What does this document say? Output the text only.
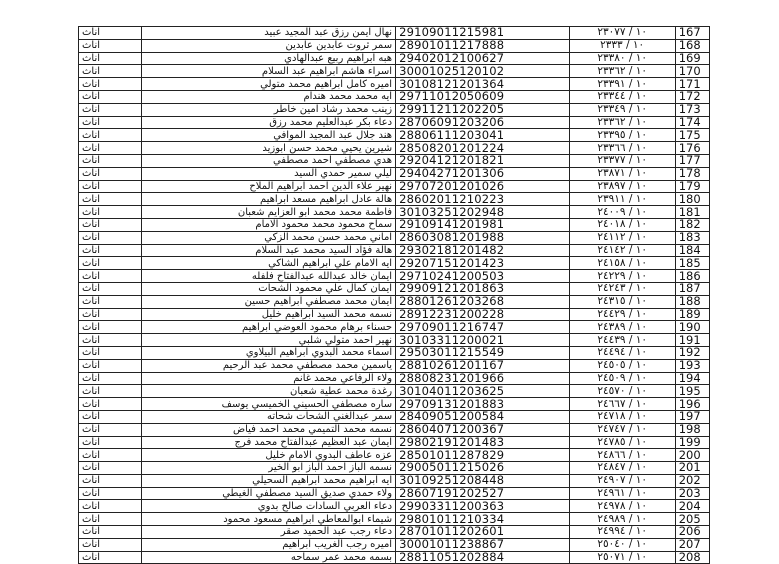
اناث	نهال ايمن رزق عبد المجيد عبيد	29109011215981	١٠ / ٢٣٠٧٧	167
اناث	سمر ثروت عابدين عابدين	28901011217888	١٠ / ٢٣٣٣	168
اناث	هبه ابراهيم ربيع عبدالهادي	29402012100627	١٠ / ٢٣٣٨٠	169
اناث	اسراء هاشم ابراهيم عبد السلام	30001025120102	١٠ / ٢٣٣٦٢	170
اناث	اميره كامل ابراهيم محمد متولي	30108121201364	١٠ / ٢٣٣٩١	171
اناث	ايه محمد محمد هندام	29711012050609	١٠ / ٢٣٣٤٤	172
اناث	زينب محمد رشاد امين خاطر	29911211202205	١٠ / ٢٣٣٤٩	173
اناث	دعاء بكر عبدالعليم محمد رزق	28706091203206	١٠ / ٢٣٣٦٢	174
اناث	هند جلال عبد المجيد الموافي	28806111203041	١٠ / ٢٣٣٩٥	175
اناث	شيرين يحيي محمد حسن ابوزيد	28508201201224	١٠ / ٢٣٣٦٦	176
اناث	هدي مصطفي احمد مصطفي	29204121201821	١٠ / ٢٣٣٧٧	177
اناث	ليلي سمير حمدي السيد	29404271201306	١٠ / ٢٣٨٧١	178
اناث	نهير علاء الدين احمد ابراهيم الملاح	29707201201026	١٠ / ٢٣٨٩٧	179
اناث	هالة عادل ابراهيم مسعد ابراهيم	28602011210223	١٠ / ٢٣٩١١	180
اناث	فاطمة محمد محمد ابو العزايم شعبان	30103251202948	١٠ / ٢٤٠٠٩	181
اناث	سماح محمود محمد محمود الامام	29109141201981	١٠ / ٢٤٠١٨	182
اناث	اماني محمد حسن محمد الزكي	28603081201988	١٠ / ٢٤١١٢	183
اناث	هالة فؤاد السيد محمد عبد السلام	29302181201482	١٠ / ٢٤١٤٢	184
اناث	ايه الامام علي ابراهيم الشاكي	29207151201423	١٠ / ٢٤١٥٨	185
اناث	ايمان خالد عبدالله عبدالفتاح فلفله	29710241200503	١٠ / ٢٤٢٢٩	186
اناث	ايمان كمال علي محمود الشحات	29909121201863	١٠ / ٢٤٢٤٣	187
اناث	ايمان محمد مصطفي ابراهيم حسين	28801261203268	١٠ / ٢٤٣١٥	188
اناث	نسمه محمد السيد ابراهيم خليل	28912231200228	١٠ / ٢٤٤٢٩	189
اناث	حسناء برهام محمود العوضي ابراهيم	29709011216747	١٠ / ٢٤٣٨٩	190
اناث	نهير احمد متولي شلبي	30103311200021	١٠ / ٢٤٤٣٩	191
اناث	اسماء محمد البدوي ابراهيم البيلاوي	29503011215549	١٠ / ٢٤٤٩٤	192
اناث	ياسمين محمد مصطفي محمد عبد الرحيم	28810261201167	١٠ / ٢٤٥٠٥	193
اناث	ولاء الرفاعي محمد غانم	28808231201966	١٠ / ٢٤٥٠٩	194
اناث	رغدة محمد عطية شعبان	30104011203625	١٠ / ٢٤٥٧٠	195
اناث	ساره مصطفي الحسيني الخميسي يوسف	29709131201883	١٠ / ٢٤٦٦٧	196
اناث	سمر عبدالغني الشحات شحاته	28409051200584	١٠ / ٢٤٧١٨	197
اناث	نسمه محمد التميمي محمد احمد فياض	28604071200367	١٠ / ٢٤٧٤٧	198
اناث	ايمان عبد العظيم عبدالفتاح محمد فرج	29802191201483	١٠ / ٢٤٧٨٥	199
اناث	عزه عاطف البدوي الامام خليل	28501011287829	١٠ / ٢٤٨٦٦	200
اناث	نسمه الباز احمد الباز ابو الخير	29005011215026	١٠ / ٢٤٨٤٧	201
اناث	ايه ابراهيم محمد ابراهيم السحيلي	30109251208448	١٠ / ٢٤٩٠٧	202
اناث	ولاء حمدي صديق السيد مصطفي الغيطي	28607191202527	١٠ / ٢٤٩٦١	203
اناث	دعاء العربي السادات صالح بدوي	29903311200363	١٠ / ٢٤٩٧٨	204
اناث	شيماء ابوالمعاطي ابراهيم مسعود محمود	29801011210334	١٠ / ٢٤٩٨٩	205
اناث	دعاء رجب عبد الحميد صقر	28701011202601	١٠ / ٢٤٩٩٤	206
اناث	اميره رجب الغريب ابراهيم	30001011238867	١٠ / ٢٥٠٤٠	207
اناث	بسمه محمد عمر سماحه	28811051202884	١٠ / ٢٥٠٧١	208
